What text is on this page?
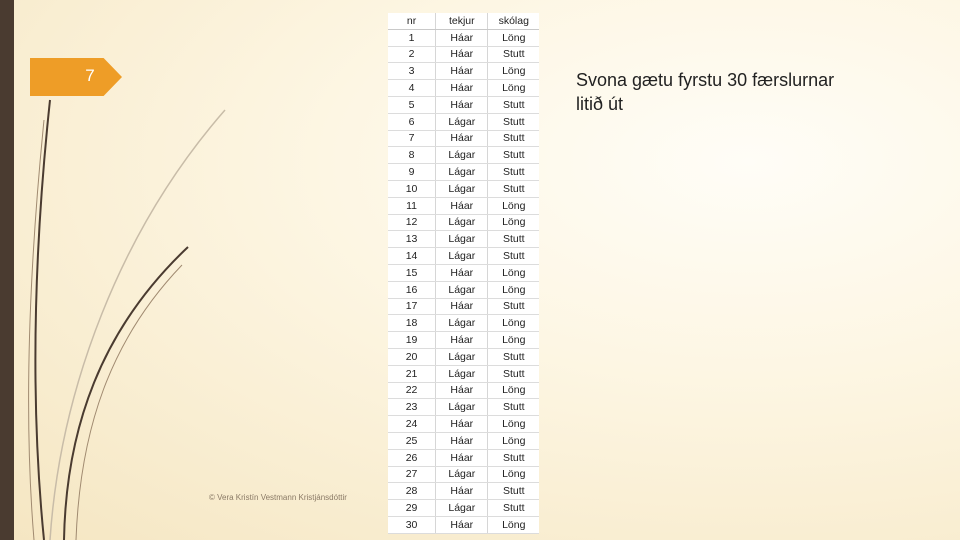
7
nr	tekjur	skólag
1	Háar	Löng
2	Háar	Stutt
3	Háar	Löng
4	Háar	Löng
5	Háar	Stutt
6	Lágar	Stutt
7	Háar	Stutt
8	Lágar	Stutt
9	Lágar	Stutt
10	Lágar	Stutt
11	Háar	Löng
12	Lágar	Löng
13	Lágar	Stutt
14	Lágar	Stutt
15	Háar	Löng
16	Lágar	Löng
17	Háar	Stutt
18	Lágar	Löng
19	Háar	Löng
20	Lágar	Stutt
21	Lágar	Stutt
22	Háar	Löng
23	Lágar	Stutt
24	Háar	Löng
25	Háar	Löng
26	Háar	Stutt
27	Lágar	Löng
28	Háar	Stutt
29	Lágar	Stutt
30	Háar	Löng
© Vera Kristín Vestmann Kristjánsdóttir
Svona gætu fyrstu 30 færslurnar litið út
